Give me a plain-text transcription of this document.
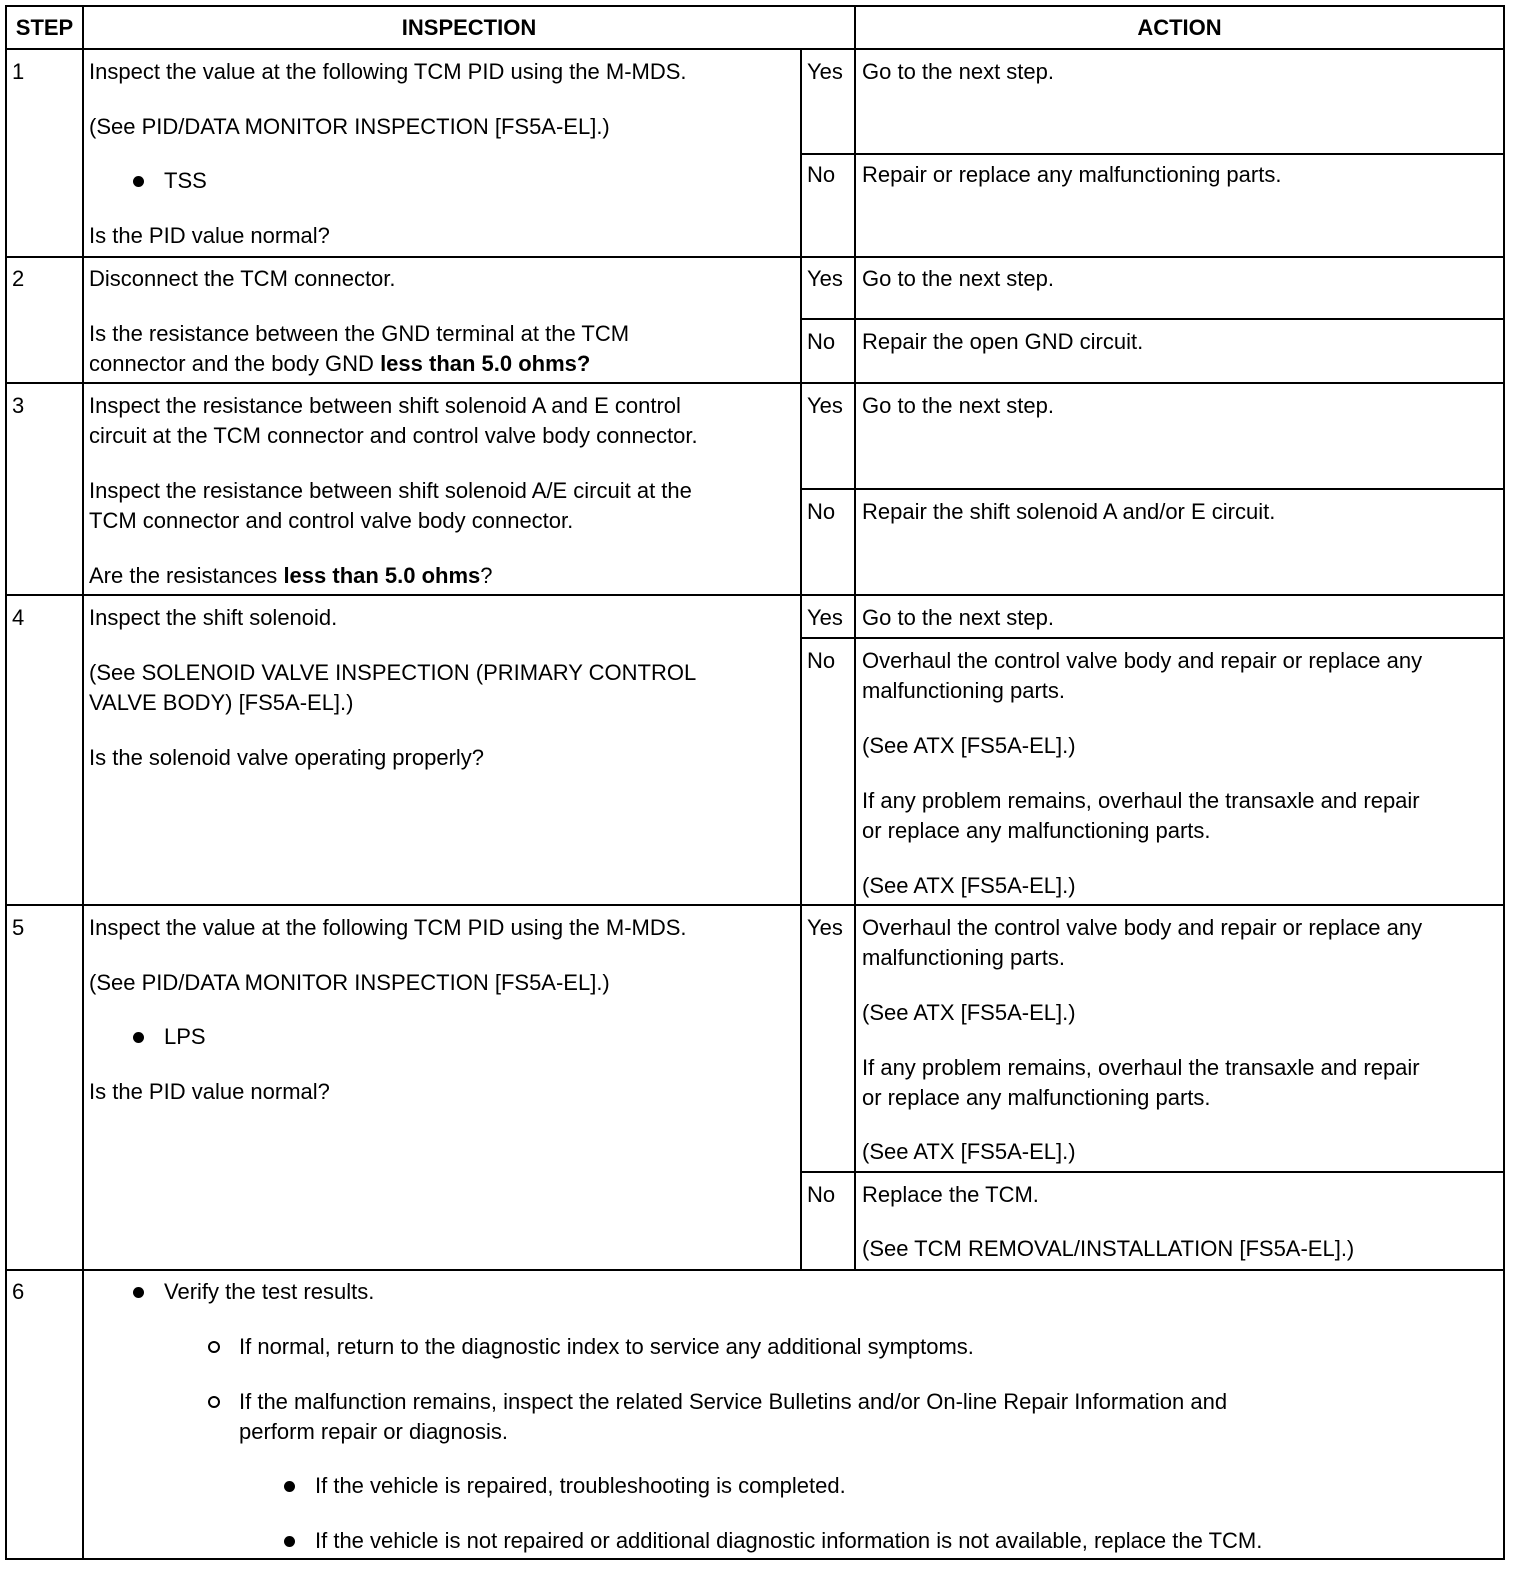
STEP	INSPECTION	ACTION
1	Inspect the value at the following TCM PID using the M-MDS.
(See PID/DATA MONITOR INSPECTION [FS5A-EL].)
TSS
Is the PID value normal?
Yes Go to the next step.
No Repair or replace any malfunctioning parts.
2	Disconnect the TCM connector.
Is the resistance between the GND terminal at the TCM
connector and the body GND less than 5.0 ohms?
Yes Go to the next step.
No Repair the open GND circuit.
3	Inspect the resistance between shift solenoid A and E control
circuit at the TCM connector and control valve body connector.
Inspect the resistance between shift solenoid A/E circuit at the
TCM connector and control valve body connector.
Are the resistances less than 5.0 ohms?
Yes Go to the next step.
No Repair the shift solenoid A and/or E circuit.
4	Inspect the shift solenoid.
(See SOLENOID VALVE INSPECTION (PRIMARY CONTROL
VALVE BODY) [FS5A-EL].)
Is the solenoid valve operating properly?
Yes Go to the next step.
No Overhaul the control valve body and repair or replace any
malfunctioning parts.
(See ATX [FS5A-EL].)
If any problem remains, overhaul the transaxle and repair
or replace any malfunctioning parts.
(See ATX [FS5A-EL].)
5	Inspect the value at the following TCM PID using the M-MDS.
(See PID/DATA MONITOR INSPECTION [FS5A-EL].)
LPS
Is the PID value normal?
Yes Overhaul the control valve body and repair or replace any
malfunctioning parts.
(See ATX [FS5A-EL].)
If any problem remains, overhaul the transaxle and repair
or replace any malfunctioning parts.
(See ATX [FS5A-EL].)
No Replace the TCM.
(See TCM REMOVAL/INSTALLATION [FS5A-EL].)
6	Verify the test results.
If normal, return to the diagnostic index to service any additional symptoms.
If the malfunction remains, inspect the related Service Bulletins and/or On-line Repair Information and
perform repair or diagnosis.
If the vehicle is repaired, troubleshooting is completed.
If the vehicle is not repaired or additional diagnostic information is not available, replace the TCM.
